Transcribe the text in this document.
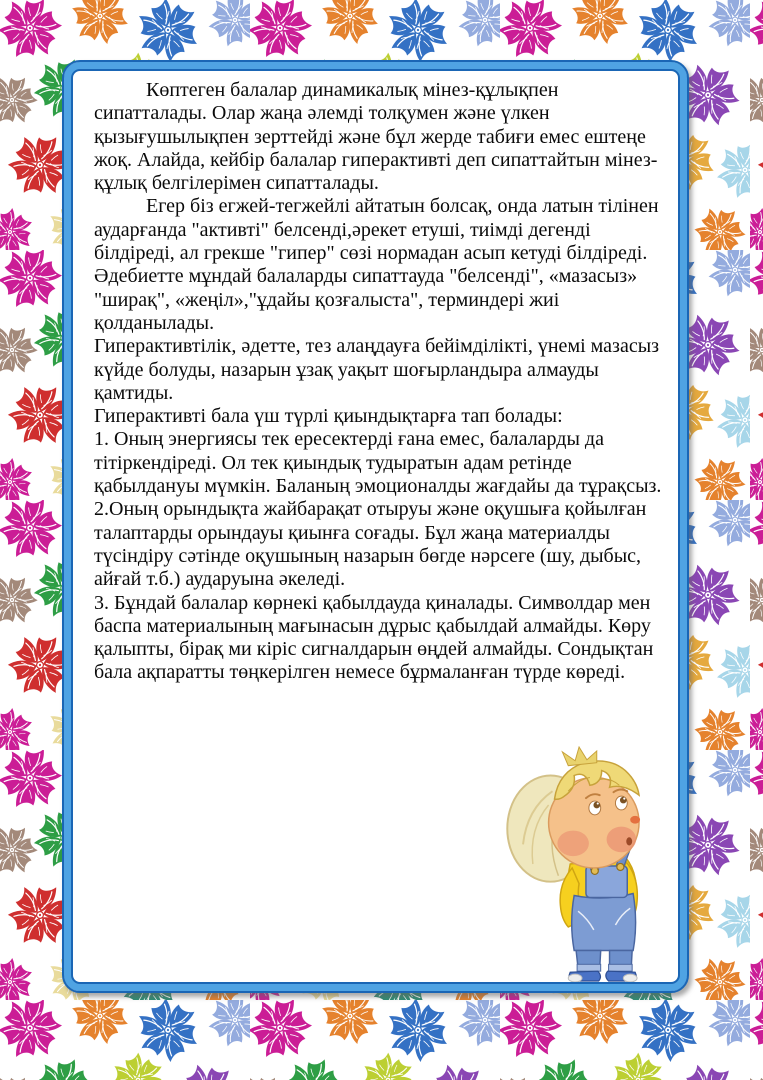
Көптеген балалар динамикалық мінез-құлықпен сипатталады. Олар жаңа әлемді толқумен және үлкен қызығушылықпен зерттейді және бұл жерде табиғи емес ештеңе жоқ. Алайда, кейбір балалар гиперактивті деп сипаттайтын мінез-құлық белгілерімен сипатталады.

Егер біз егжей-тегжейлі айтатын болсақ, онда латын тілінен аударғанда "активті" белсенді,әрекет етуші, тиімді дегенді білдіреді, ал грекше "гипер" сөзі нормадан асып кетуді білдіреді. Әдебиетте мұндай балаларды сипаттауда "белсенді", «мазасыз» "ширақ", «жеңіл»,"ұдайы қозғалыста", терминдері жиі қолданылады.

Гиперактивтілік, әдетте, тез алаңдауға бейімділікті, үнемі мазасыз күйде болуды, назарын ұзақ уақыт шоғырландыра алмауды қамтиды.

Гиперактивті бала үш түрлі қиындықтарға тап болады:

1. Оның энергиясы тек ересектерді ғана емес, балаларды да тітіркендіреді. Ол тек қиындық тудыратын адам ретінде қабылдануы мүмкін. Баланың эмоционалды жағдайы да тұрақсыз.

2.Оның орындықта жайбарақат отыруы және оқушыға қойылған талаптарды орындауы қиынға соғады. Бұл жаңа материалды түсіндіру сәтінде оқушының назарын бөгде нәрсеге (шу, дыбыс, айғай т.б.) аударуына әкеледі.

3. Бұндай балалар көрнекі қабылдауда қиналады. Символдар мен баспа материалының мағынасын дұрыс қабылдай алмайды. Көру қалыпты, бірақ ми кіріс сигналдарын өңдей алмайды. Сондықтан бала ақпаратты төңкерілген немесе бұрмаланған түрде көреді.
